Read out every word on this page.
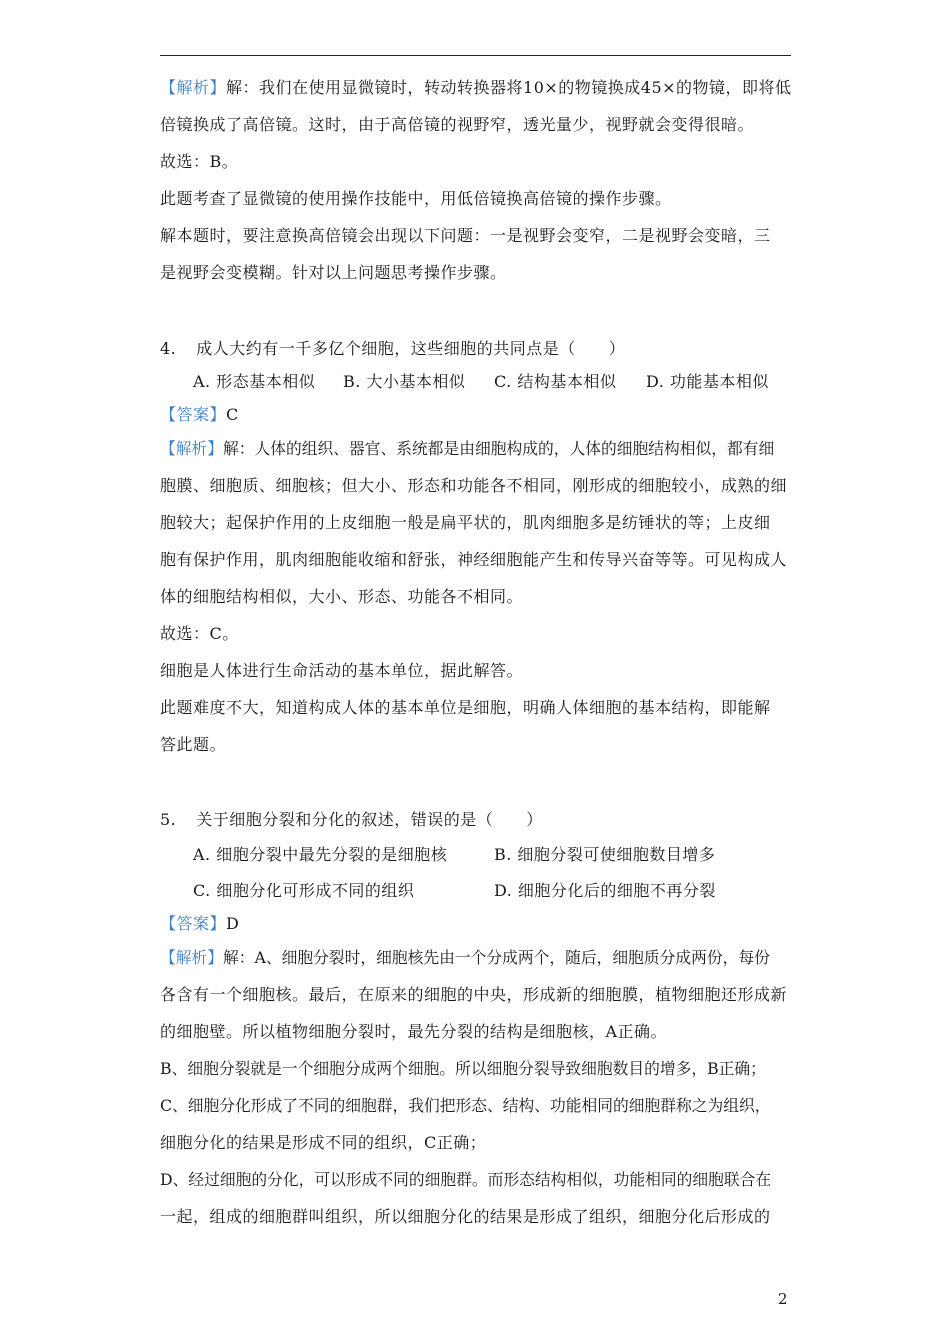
【解析】解：我们在使用显微镜时，转动转换器将10×的物镜换成45×的物镜，即将低
倍镜换成了高倍镜。这时，由于高倍镜的视野窄，透光量少，视野就会变得很暗。
故选：B。
此题考查了显微镜的使用操作技能中，用低倍镜换高倍镜的操作步骤。
解本题时，要注意换高倍镜会出现以下问题：一是视野会变窄，二是视野会变暗，三
是视野会变模糊。针对以上问题思考操作步骤。
4. 成人大约有一千多亿个细胞，这些细胞的共同点是（　　）
A. 形态基本相似 B. 大小基本相似 C. 结构基本相似 D. 功能基本相似
【答案】C
【解析】解：人体的组织、器官、系统都是由细胞构成的，人体的细胞结构相似，都有细
胞膜、细胞质、细胞核；但大小、形态和功能各不相同，刚形成的细胞较小，成熟的细
胞较大；起保护作用的上皮细胞一般是扁平状的，肌肉细胞多是纺锤状的等；上皮细
胞有保护作用，肌肉细胞能收缩和舒张，神经细胞能产生和传导兴奋等等。可见构成人
体的细胞结构相似，大小、形态、功能各不相同。
故选：C。
细胞是人体进行生命活动的基本单位，据此解答。
此题难度不大，知道构成人体的基本单位是细胞，明确人体细胞的基本结构，即能解
答此题。
5. 关于细胞分裂和分化的叙述，错误的是（　　）
A. 细胞分裂中最先分裂的是细胞核	B. 细胞分裂可使细胞数目增多
C. 细胞分化可形成不同的组织	D. 细胞分化后的细胞不再分裂
【答案】D
【解析】解：A、细胞分裂时，细胞核先由一个分成两个，随后，细胞质分成两份，每份
各含有一个细胞核。最后，在原来的细胞的中央，形成新的细胞膜，植物细胞还形成新
的细胞壁。所以植物细胞分裂时，最先分裂的结构是细胞核，A正确。
B、细胞分裂就是一个细胞分成两个细胞。所以细胞分裂导致细胞数目的增多，B正确；
C、细胞分化形成了不同的细胞群，我们把形态、结构、功能相同的细胞群称之为组织，
细胞分化的结果是形成不同的组织，C正确；
D、经过细胞的分化，可以形成不同的细胞群。而形态结构相似，功能相同的细胞联合在
一起，组成的细胞群叫组织，所以细胞分化的结果是形成了组织，细胞分化后形成的
2
